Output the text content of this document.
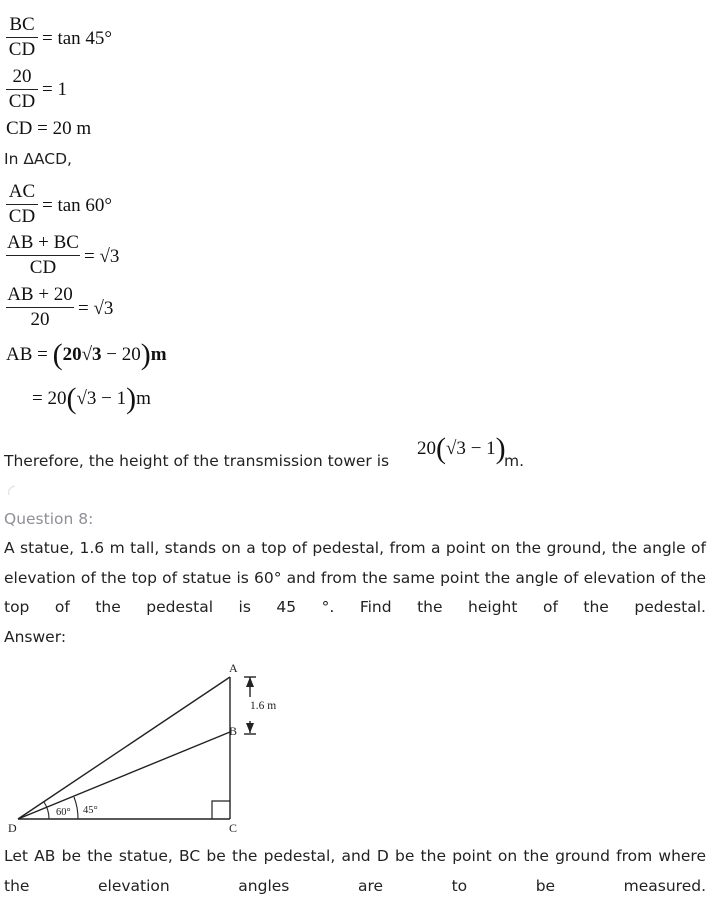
BC
CD
= tan 45°
20
CD
= 1
CD = 20 m
In ΔACD,
AC
CD
= tan 60°
AB + BC
CD
= √3
AB + 20
20
= √3
AB = (20√3 − 20)m
= 20(√3 − 1)m
Therefore, the height of the transmission tower is
20(√3 − 1)
m.
Question 8:
A statue, 1.6 m tall, stands on a top of pedestal, from a point on the ground, the angle of elevation of the top of statue is 60° and from the same point the angle of elevation of the top of the pedestal is 45 °. Find the height of the pedestal.
Answer:
A
B
C
D
1.6 m
60° 45°
Let AB be the statue, BC be the pedestal, and D be the point on the ground from where the elevation angles are to be measured.
